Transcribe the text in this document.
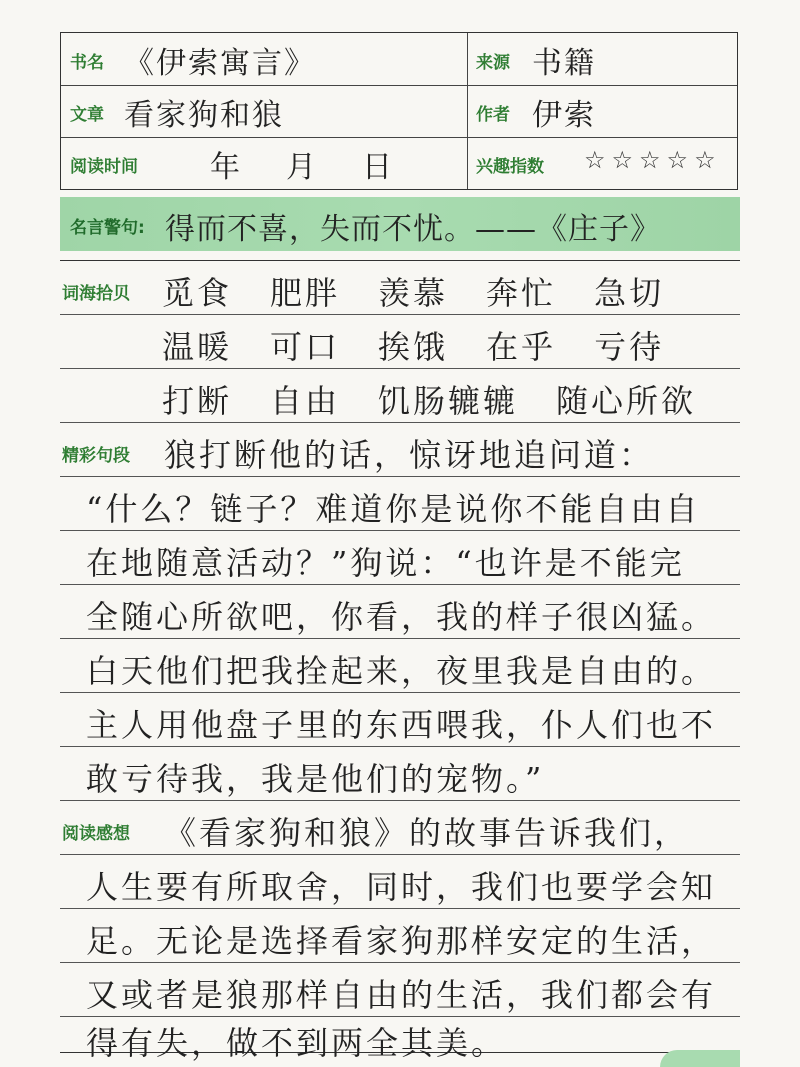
书名 《伊索寓言》	来源 书籍
文章 看家狗和狼	作者 伊索
阅读时间 年　月　日	兴趣指数 ☆☆☆☆☆
名言警句: 得而不喜，失而不忧。——《庄子》
词海拾贝 觅食 肥胖 羡慕 奔忙 急切
温暖 可口 挨饿 在乎 亏待
打断 自由 饥肠辘辘 随心所欲
精彩句段 狼打断他的话，惊讶地追问道：
“什么？链子？难道你是说你不能自由自
在地随意活动？”狗说：“也许是不能完
全随心所欲吧，你看，我的样子很凶猛。
白天他们把我拴起来，夜里我是自由的。
主人用他盘子里的东西喂我，仆人们也不
敢亏待我，我是他们的宠物。”
阅读感想 《看家狗和狼》的故事告诉我们，
人生要有所取舍，同时，我们也要学会知
足。无论是选择看家狗那样安定的生活，
又或者是狼那样自由的生活，我们都会有
得有失，做不到两全其美。
